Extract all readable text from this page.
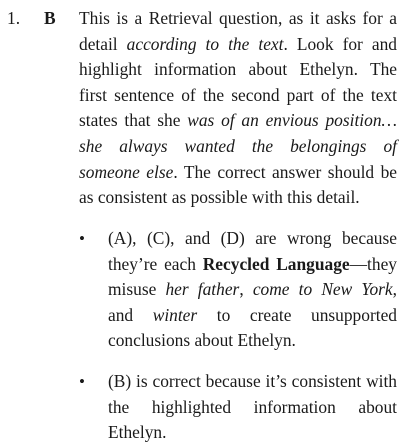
1. B This is a Retrieval question, as it asks for a detail according to the text. Look for and highlight information about Ethelyn. The first sentence of the second part of the text states that she was of an envious position…she always wanted the belongings of someone else. The correct answer should be as consistent as possible with this detail.

• (A), (C), and (D) are wrong because they’re each Recycled Language—they misuse her father, come to New York, and winter to create unsupported conclusions about Ethelyn.

• (B) is correct because it’s consistent with the highlighted information about Ethelyn.
